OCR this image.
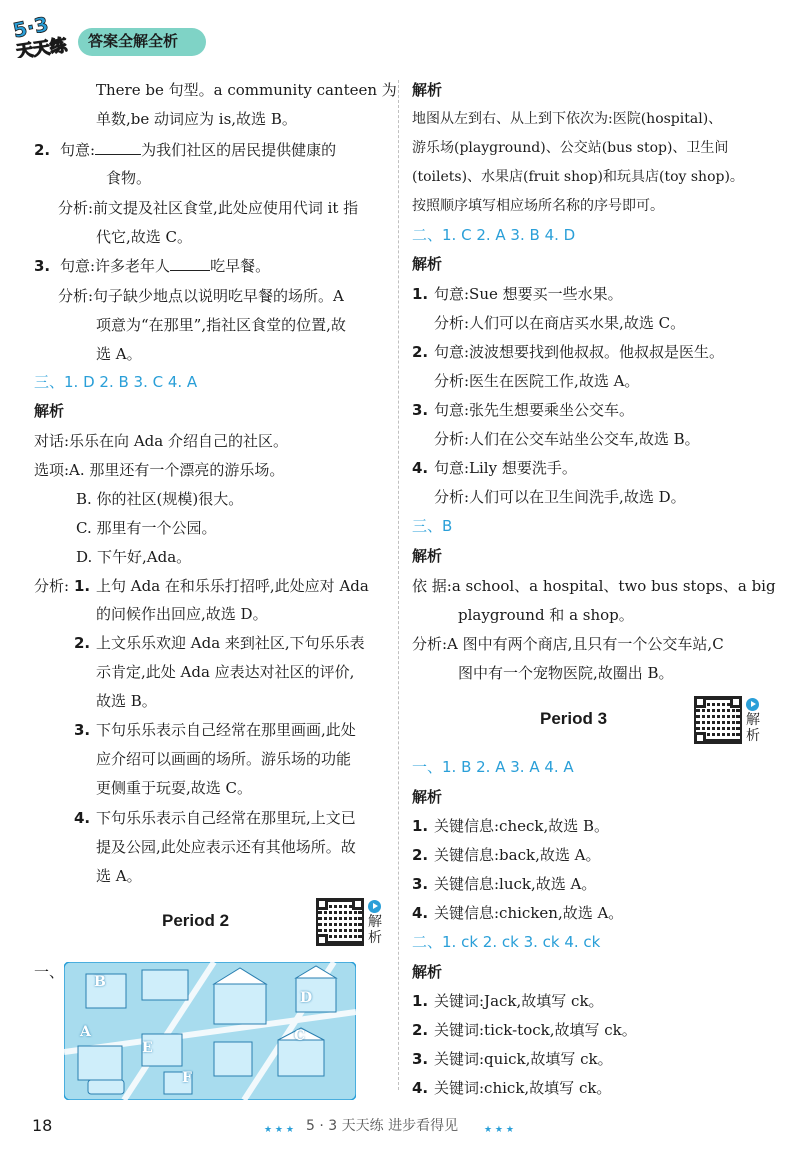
5·3
天天练 答案全解全析
There be 句型。a community canteen 为
单数,be 动词应为 is,故选 B。
2. 句意:	为我们社区的居民提供健康的
食物。
分析:前文提及社区食堂,此处应使用代词 it 指
代它,故选 C。
3. 句意:许多老年人	吃早餐。
分析:句子缺少地点以说明吃早餐的场所。A
项意为“在那里”,指社区食堂的位置,故
选 A。
三、1. D 2. B 3. C 4. A
解析
对话:乐乐在向 Ada 介绍自己的社区。
选项:A. 那里还有一个漂亮的游乐场。
B. 你的社区(规模)很大。
C. 那里有一个公园。
D. 下午好,Ada。
分析: 1. 上句 Ada 在和乐乐打招呼,此处应对 Ada
的问候作出回应,故选 D。
2. 上文乐乐欢迎 Ada 来到社区,下句乐乐表
示肯定,此处 Ada 应表达对社区的评价,
故选 B。
3. 下句乐乐表示自己经常在那里画画,此处
应介绍可以画画的场所。游乐场的功能
更侧重于玩耍,故选 C。
4. 下句乐乐表示自己经常在那里玩,上文已
提及公园,此处应表示还有其他场所。故
选 A。
Period 2	解析
一、
B
D
A
E
C
F
解析
地图从左到右、从上到下依次为:医院(hospital)、
游乐场(playground)、公交站(bus stop)、卫生间
(toilets)、水果店(fruit shop)和玩具店(toy shop)。
按照顺序填写相应场所名称的序号即可。
二、1. C 2. A 3. B 4. D
解析
1. 句意:Sue 想要买一些水果。
分析:人们可以在商店买水果,故选 C。
2. 句意:波波想要找到他叔叔。他叔叔是医生。
分析:医生在医院工作,故选 A。
3. 句意:张先生想要乘坐公交车。
分析:人们在公交车站坐公交车,故选 B。
4. 句意:Lily 想要洗手。
分析:人们可以在卫生间洗手,故选 D。
三、B
解析
依 据:a school、a hospital、two bus stops、a big
playground 和 a shop。
分析:A 图中有两个商店,且只有一个公交车站,C
图中有一个宠物医院,故圈出 B。
Period 3	解析
一、1. B 2. A 3. A 4. A
解析
1. 关键信息:check,故选 B。
2. 关键信息:back,故选 A。
3. 关键信息:luck,故选 A。
4. 关键信息:chicken,故选 A。
二、1. ck 2. ck 3. ck 4. ck
解析
1. 关键词:Jack,故填写 ck。
2. 关键词:tick-tock,故填写 ck。
3. 关键词:quick,故填写 ck。
4. 关键词:chick,故填写 ck。
18	★ ★ ★ 5 · 3 天天练 进步看得见	★ ★ ★
